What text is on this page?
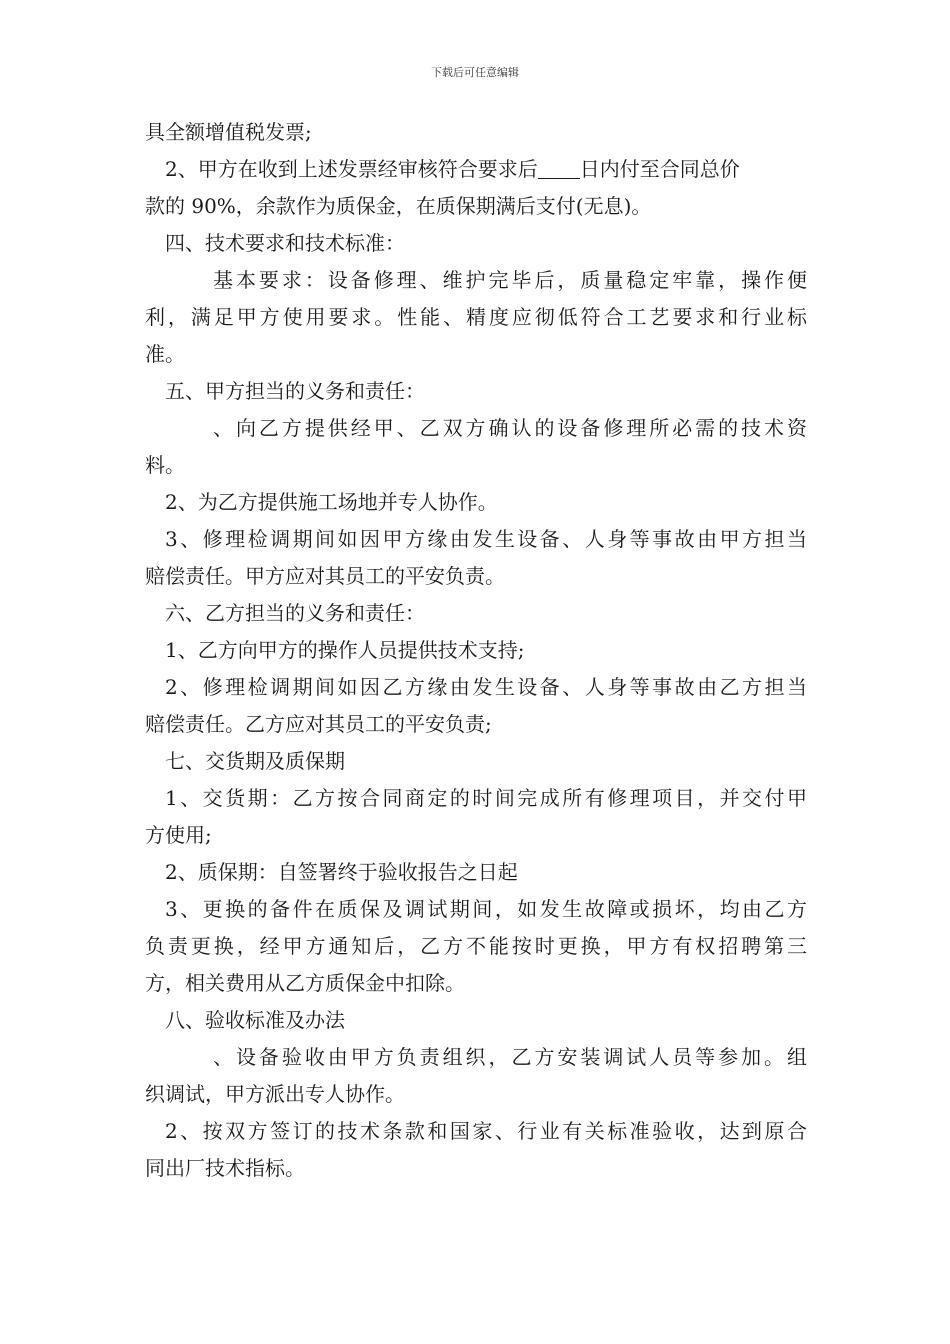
下载后可任意编辑
具全额增值税发票;
2、甲方在收到上述发票经审核符合要求后 日内付至合同总价
款的 90%，余款作为质保金，在质保期满后支付(无息)。
四、技术要求和技术标准：
基本要求：设备修理、维护完毕后，质量稳定牢靠，操作便
利，满足甲方使用要求。性能、精度应彻低符合工艺要求和行业标
准。
五、甲方担当的义务和责任：
、向乙方提供经甲、乙双方确认的设备修理所必需的技术资
料。
2、为乙方提供施工场地并专人协作。
3、修理检调期间如因甲方缘由发生设备、人身等事故由甲方担当
赔偿责任。甲方应对其员工的平安负责。
六、乙方担当的义务和责任：
1、乙方向甲方的操作人员提供技术支持;
2、修理检调期间如因乙方缘由发生设备、人身等事故由乙方担当
赔偿责任。乙方应对其员工的平安负责;
七、交货期及质保期
1、交货期：乙方按合同商定的时间完成所有修理项目，并交付甲
方使用;
2、质保期：自签署终于验收报告之日起
3、更换的备件在质保及调试期间，如发生故障或损坏，均由乙方
负责更换，经甲方通知后，乙方不能按时更换，甲方有权招聘第三
方，相关费用从乙方质保金中扣除。
八、验收标准及办法
、设备验收由甲方负责组织，乙方安装调试人员等参加。组
织调试，甲方派出专人协作。
2、按双方签订的技术条款和国家、行业有关标准验收，达到原合
同出厂技术指标。
